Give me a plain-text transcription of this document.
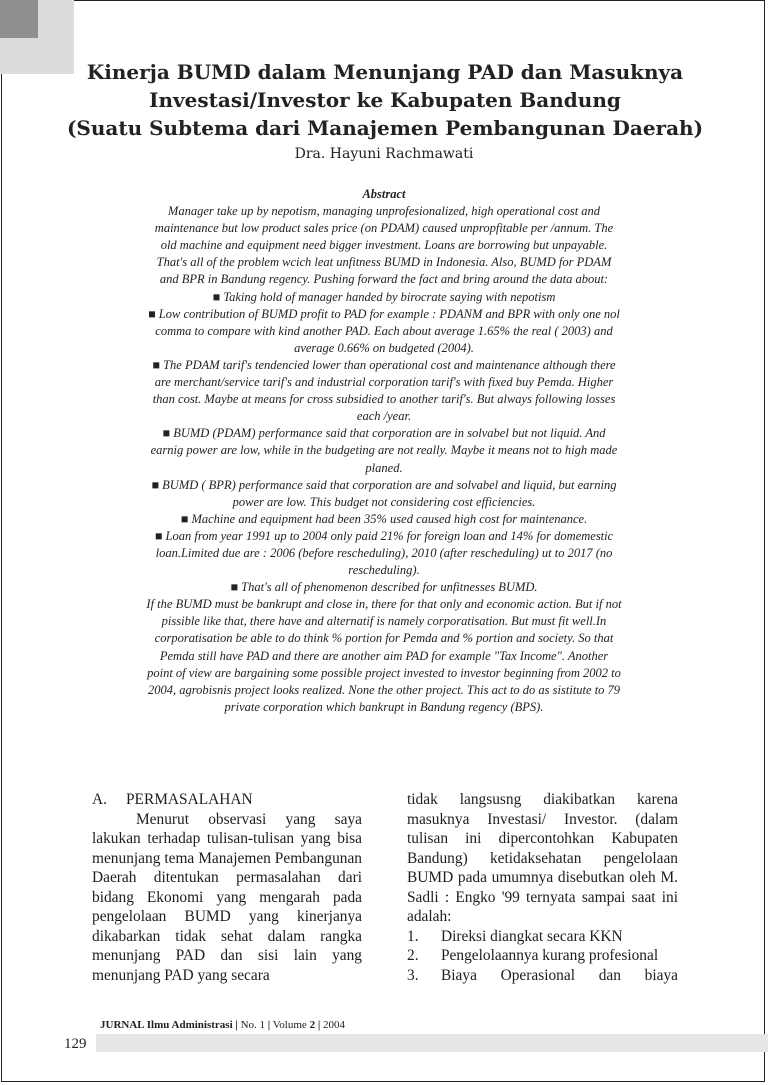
Kinerja BUMD dalam Menunjang PAD dan Masuknya
Investasi/Investor ke Kabupaten Bandung
(Suatu Subtema dari Manajemen Pembangunan Daerah)
Dra. Hayuni Rachmawati

Abstract

Manager take up by nepotism, managing unprofesionalized, high operational cost and maintenance but low product sales price (on PDAM) caused unpropfitable per /annum. The old machine and equipment need bigger investment. Loans are borrowing but unpayable. That's all of the problem wcich leat unfitness BUMD in Indonesia. Also, BUMD for PDAM and BPR in Bandung regency. Pushing forward the fact and bring around the data about:

■ Taking hold of manager handed by birocrate saying with nepotism

■ Low contribution of BUMD profit to PAD for example : PDANM and BPR with only one nol comma to compare with kind another PAD. Each about average 1.65% the real ( 2003) and average 0.66% on budgeted (2004).

■ The PDAM tarif's tendencied lower than operational cost and maintenance although there are merchant/service tarif's and industrial corporation tarif's with fixed buy Pemda. Higher than cost. Maybe at means for cross subsidied to another tarif's. But always following losses each /year.

■ BUMD (PDAM) performance said that corporation are in solvabel but not liquid. And earnig power are low, while in the budgeting are not really. Maybe it means not to high made planed.

■ BUMD ( BPR) performance said that corporation are and solvabel and liquid, but earning power are low. This budget not considering cost efficiencies.

■ Machine and equipment had been 35% used caused high cost for maintenance.

■ Loan from year 1991 up to 2004 only paid 21% for foreign loan and 14% for domemestic loan.Limited due are : 2006 (before rescheduling), 2010 (after rescheduling) ut to 2017 (no rescheduling).

■ That's all of phenomenon described for unfitnesses BUMD.

If the BUMD must be bankrupt and close in, there for that only and economic action. But if not pissible like that, there have and alternatif is namely corporatisation. But must fit well.In corporatisation be able to do think % portion for Pemda and % portion and society. So that Pemda still have PAD and there are another aim PAD for example "Tax Income". Another point of view are bargaining some possible project invested to investor beginning from 2002 to 2004, agrobisnis project looks realized. None the other project. This act to do as sistitute to 79 private corporation which bankrupt in Bandung regency (BPS).

A. PERMASALAHAN

Menurut observasi yang saya lakukan terhadap tulisan-tulisan yang bisa menunjang tema Manajemen Pembangunan Daerah ditentukan permasalahan dari bidang Ekonomi yang mengarah pada pengelolaan BUMD yang kinerjanya dikabarkan tidak sehat dalam rangka menunjang PAD dan sisi lain yang menunjang PAD yang secara

tidak langsusng diakibatkan karena masuknya Investasi/ Investor. (dalam tulisan ini dipercontohkan Kabupaten Bandung) ketidaksehatan pengelolaan BUMD pada umumnya disebutkan oleh M. Sadli : Engko '99 ternyata sampai saat ini adalah:

1.	Direksi diangkat secara KKN
2.	Pengelolaannya kurang profesional
3.	Biaya Operasional dan biaya
JURNAL Ilmu Administrasi | No. 1 | Volume 2 | 2004
129
